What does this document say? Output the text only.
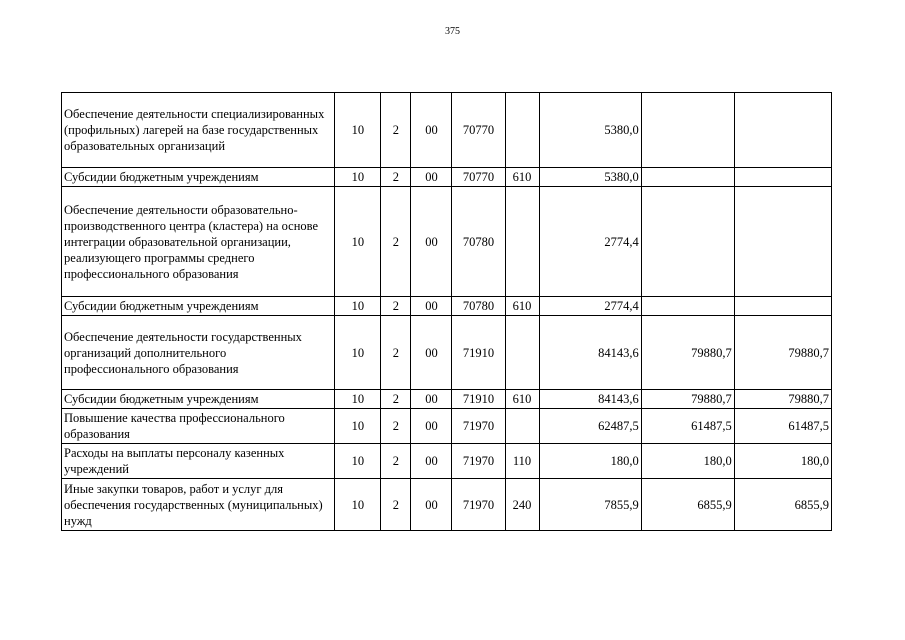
375
Обеспечение деятельности специализированных (профильных) лагерей на базе государственных образовательных организаций	10	2	00	70770		5380,0		
Субсидии бюджетным учреждениям	10	2	00	70770	610	5380,0		
Обеспечение деятельности образовательно-производственного центра (кластера) на основе интеграции образовательной организации, реализующего программы среднего профессионального образования	10	2	00	70780		2774,4		
Субсидии бюджетным учреждениям	10	2	00	70780	610	2774,4		
Обеспечение деятельности государственных организаций дополнительного профессионального образования	10	2	00	71910		84143,6	79880,7	79880,7
Субсидии бюджетным учреждениям	10	2	00	71910	610	84143,6	79880,7	79880,7
Повышение качества профессионального образования	10	2	00	71970		62487,5	61487,5	61487,5
Расходы на выплаты персоналу казенных учреждений	10	2	00	71970	110	180,0	180,0	180,0
Иные закупки товаров, работ и услуг для обеспечения государственных (муниципальных) нужд	10	2	00	71970	240	7855,9	6855,9	6855,9
